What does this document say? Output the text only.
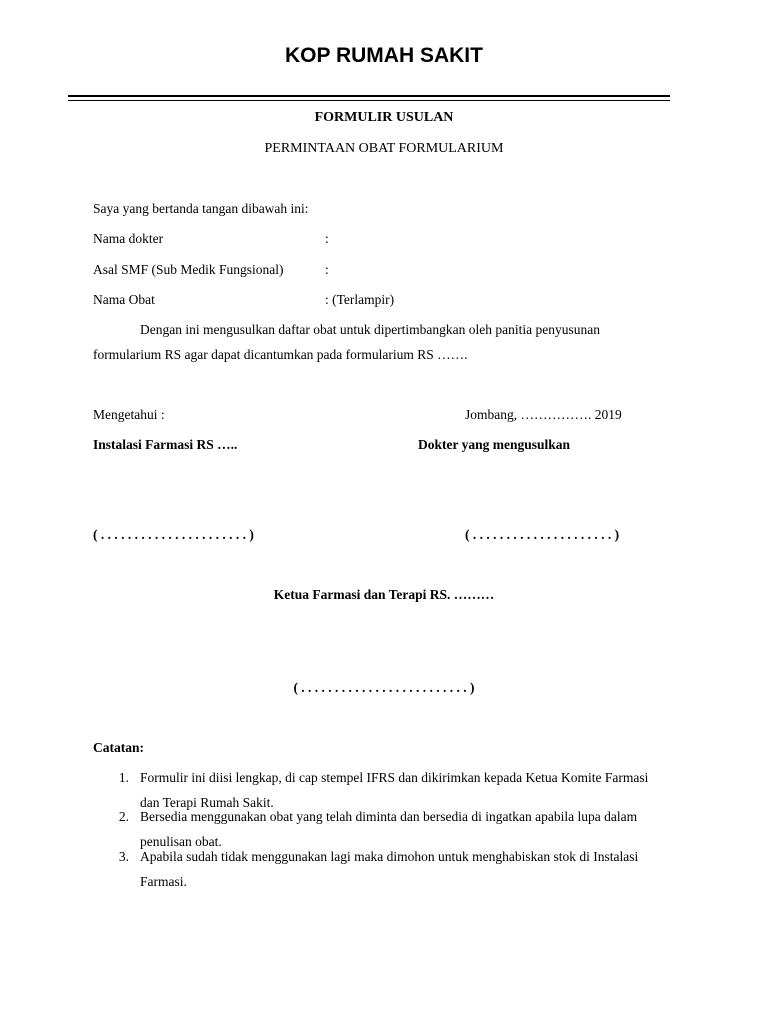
KOP RUMAH SAKIT
FORMULIR USULAN
PERMINTAAN OBAT FORMULARIUM
Saya yang bertanda tangan dibawah ini:
Nama dokter	:
Asal SMF (Sub Medik Fungsional)	:
Nama Obat	: (Terlampir)
Dengan ini mengusulkan daftar obat untuk dipertimbangkan oleh panitia penyusunan
formularium RS agar dapat dicantumkan pada formularium RS …….
Mengetahui :	Jombang, ……………. 2019
Instalasi Farmasi RS …..	Dokter yang mengusulkan
( . . . . . . . . . . . . . . . . . . . . . . )	( . . . . . . . . . . . . . . . . . . . . . )
Ketua Farmasi dan Terapi RS. ………
( . . . . . . . . . . . . . . . . . . . . . . . . . )
Catatan:
1. Formulir ini diisi lengkap, di cap stempel IFRS dan dikirimkan kepada Ketua Komite Farmasi
dan Terapi Rumah Sakit.
2. Bersedia menggunakan obat yang telah diminta dan bersedia di ingatkan apabila lupa dalam
penulisan obat.
3. Apabila sudah tidak menggunakan lagi maka dimohon untuk menghabiskan stok di Instalasi
Farmasi.
